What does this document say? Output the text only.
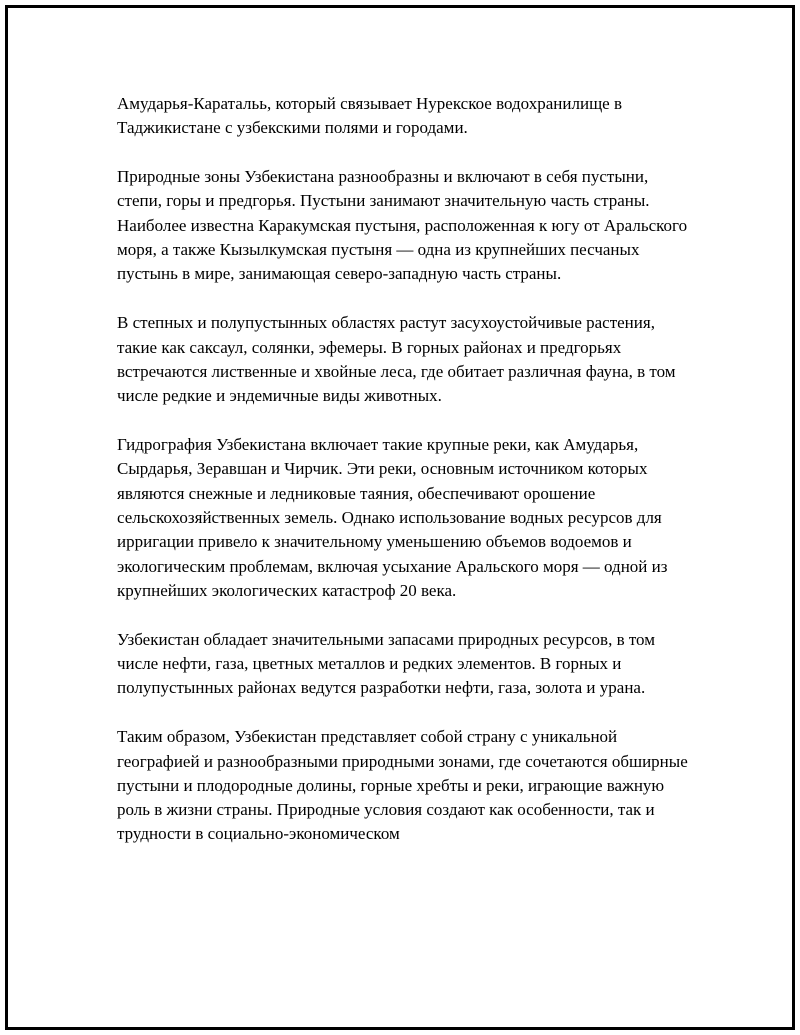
Амударья-Каратальь, который связывает Нурекское водохранилище в Таджикистане с узбекскими полями и городами.

Природные зоны Узбекистана разнообразны и включают в себя пустыни, степи, горы и предгорья. Пустыни занимают значительную часть страны. Наиболее известна Каракумская пустыня, расположенная к югу от Аральского моря, а также Кызылкумская пустыня — одна из крупнейших песчаных пустынь в мире, занимающая северо-западную часть страны.

В степных и полупустынных областях растут засухоустойчивые растения, такие как саксаул, солянки, эфемеры. В горных районах и предгорьях встречаются лиственные и хвойные леса, где обитает различная фауна, в том числе редкие и эндемичные виды животных.

Гидрография Узбекистана включает такие крупные реки, как Амударья, Сырдарья, Зеравшан и Чирчик. Эти реки, основным источником которых являются снежные и ледниковые таяния, обеспечивают орошение сельскохозяйственных земель. Однако использование водных ресурсов для ирригации привело к значительному уменьшению объемов водоемов и экологическим проблемам, включая усыхание Аральского моря — одной из крупнейших экологических катастроф 20 века.

Узбекистан обладает значительными запасами природных ресурсов, в том числе нефти, газа, цветных металлов и редких элементов. В горных и полупустынных районах ведутся разработки нефти, газа, золота и урана.

Таким образом, Узбекистан представляет собой страну с уникальной географией и разнообразными природными зонами, где сочетаются обширные пустыни и плодородные долины, горные хребты и реки, играющие важную роль в жизни страны. Природные условия создают как особенности, так и трудности в социально-экономическом
